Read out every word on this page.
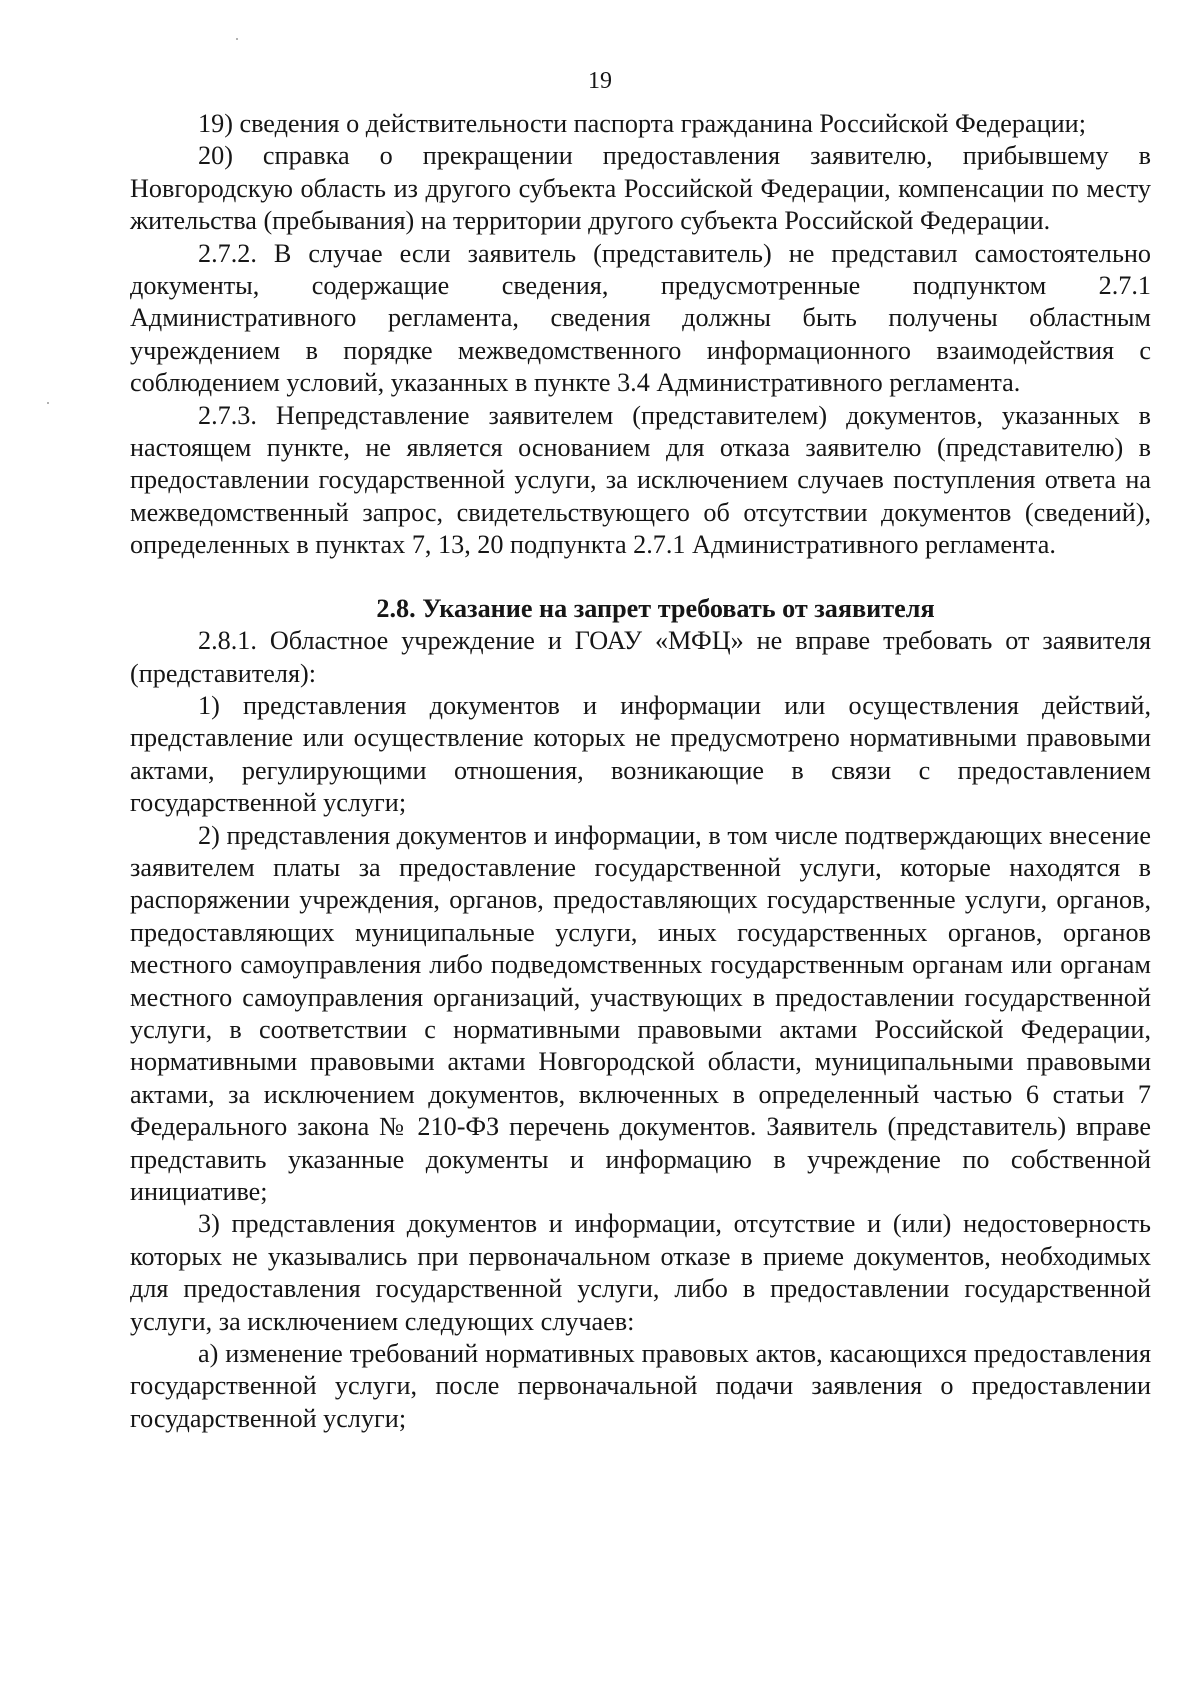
19

19) сведения о действительности паспорта гражданина Российской Федерации;

20) справка о прекращении предоставления заявителю, прибывшему в Новгородскую область из другого субъекта Российской Федерации, компенсации по месту жительства (пребывания) на территории другого субъекта Российской Федерации.

2.7.2. В случае если заявитель (представитель) не представил самостоятельно документы, содержащие сведения, предусмотренные подпунктом 2.7.1 Административного регламента, сведения должны быть получены областным учреждением в порядке межведомственного информационного взаимодействия с соблюдением условий, указанных в пункте 3.4 Административного регламента.

2.7.3. Непредставление заявителем (представителем) документов, указанных в настоящем пункте, не является основанием для отказа заявителю (представителю) в предоставлении государственной услуги, за исключением случаев поступления ответа на межведомственный запрос, свидетельствующего об отсутствии документов (сведений), определенных в пунктах 7, 13, 20 подпункта 2.7.1 Административного регламента.

2.8. Указание на запрет требовать от заявителя

2.8.1. Областное учреждение и ГОАУ «МФЦ» не вправе требовать от заявителя (представителя):

1) представления документов и информации или осуществления действий, представление или осуществление которых не предусмотрено нормативными правовыми актами, регулирующими отношения, возникающие в связи с предоставлением государственной услуги;

2) представления документов и информации, в том числе подтверждающих внесение заявителем платы за предоставление государственной услуги, которые находятся в распоряжении учреждения, органов, предоставляющих государственные услуги, органов, предоставляющих муниципальные услуги, иных государственных органов, органов местного самоуправления либо подведомственных государственным органам или органам местного самоуправления организаций, участвующих в предоставлении государственной услуги, в соответствии с нормативными правовыми актами Российской Федерации, нормативными правовыми актами Новгородской области, муниципальными правовыми актами, за исключением документов, включенных в определенный частью 6 статьи 7 Федерального закона № 210-ФЗ перечень документов. Заявитель (представитель) вправе представить указанные документы и информацию в учреждение по собственной инициативе;

3) представления документов и информации, отсутствие и (или) недостоверность которых не указывались при первоначальном отказе в приеме документов, необходимых для предоставления государственной услуги, либо в предоставлении государственной услуги, за исключением следующих случаев:

а) изменение требований нормативных правовых актов, касающихся предоставления государственной услуги, после первоначальной подачи заявления о предоставлении государственной услуги;
